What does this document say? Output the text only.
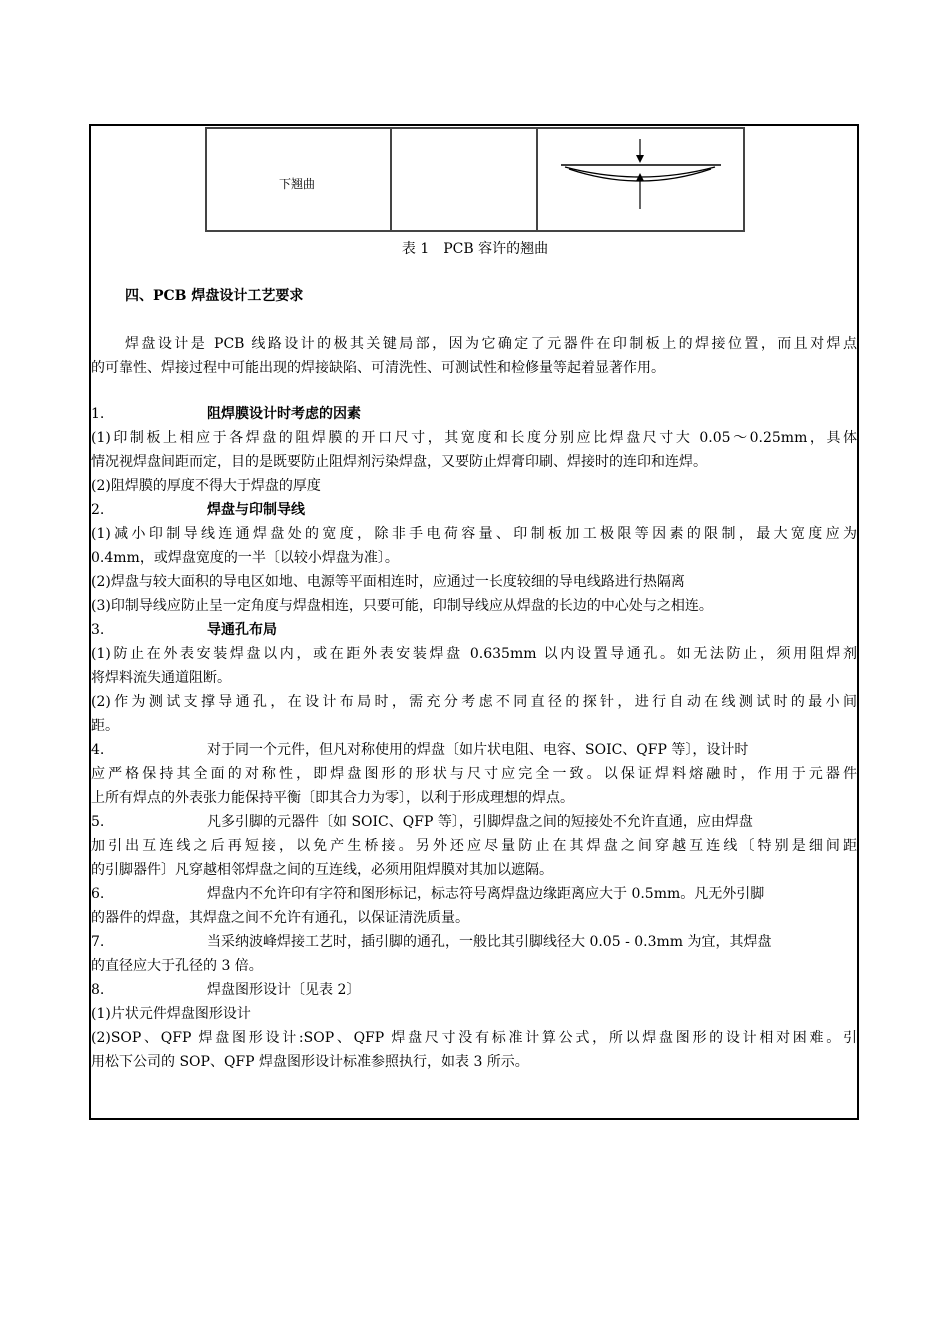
下翘曲
表 1　PCB 容许的翘曲
四、PCB 焊盘设计工艺要求
焊盘设计是 PCB 线路设计的极其关键局部，因为它确定了元器件在印制板上的焊接位置，而且对焊点
的可靠性、焊接过程中可能出现的焊接缺陷、可清洗性、可测试性和检修量等起着显著作用。
1.	阻焊膜设计时考虑的因素
(1)印制板上相应于各焊盘的阻焊膜的开口尺寸，其宽度和长度分别应比焊盘尺寸大 0.05～0.25mm，具体
情况视焊盘间距而定，目的是既要防止阻焊剂污染焊盘，又要防止焊膏印刷、焊接时的连印和连焊。
(2)阻焊膜的厚度不得大于焊盘的厚度
2.	焊盘与印制导线
(1)减小印制导线连通焊盘处的宽度，除非手电荷容量、印制板加工极限等因素的限制，最大宽度应为
0.4mm，或焊盘宽度的一半〔以较小焊盘为准〕。
(2)焊盘与较大面积的导电区如地、电源等平面相连时，应通过一长度较细的导电线路进行热隔离
(3)印制导线应防止呈一定角度与焊盘相连，只要可能，印制导线应从焊盘的长边的中心处与之相连。
3.	导通孔布局
(1)防止在外表安装焊盘以内，或在距外表安装焊盘 0.635mm 以内设置导通孔。如无法防止，须用阻焊剂
将焊料流失通道阻断。
(2)作为测试支撑导通孔，在设计布局时，需充分考虑不同直径的探针，进行自动在线测试时的最小间
距。
4.	对于同一个元件，但凡对称使用的焊盘〔如片状电阻、电容、SOIC、QFP 等〕，设计时
应严格保持其全面的对称性，即焊盘图形的形状与尺寸应完全一致。以保证焊料熔融时，作用于元器件
上所有焊点的外表张力能保持平衡〔即其合力为零〕，以利于形成理想的焊点。
5.	凡多引脚的元器件〔如 SOIC、QFP 等〕，引脚焊盘之间的短接处不允许直通，应由焊盘
加引出互连线之后再短接，以免产生桥接。另外还应尽量防止在其焊盘之间穿越互连线〔特别是细间距
的引脚器件〕凡穿越相邻焊盘之间的互连线，必须用阻焊膜对其加以遮隔。
6.	焊盘内不允许印有字符和图形标记，标志符号离焊盘边缘距离应大于 0.5mm。凡无外引脚
的器件的焊盘，其焊盘之间不允许有通孔，以保证清洗质量。
7.	当采纳波峰焊接工艺时，插引脚的通孔，一般比其引脚线径大 0.05 - 0.3mm 为宜，其焊盘
的直径应大于孔径的 3 倍。
8.	焊盘图形设计〔见表 2〕
(1)片状元件焊盘图形设计
(2)SOP、QFP 焊盘图形设计:SOP、QFP 焊盘尺寸没有标准计算公式，所以焊盘图形的设计相对困难。引
用松下公司的 SOP、QFP 焊盘图形设计标准参照执行，如表 3 所示。
